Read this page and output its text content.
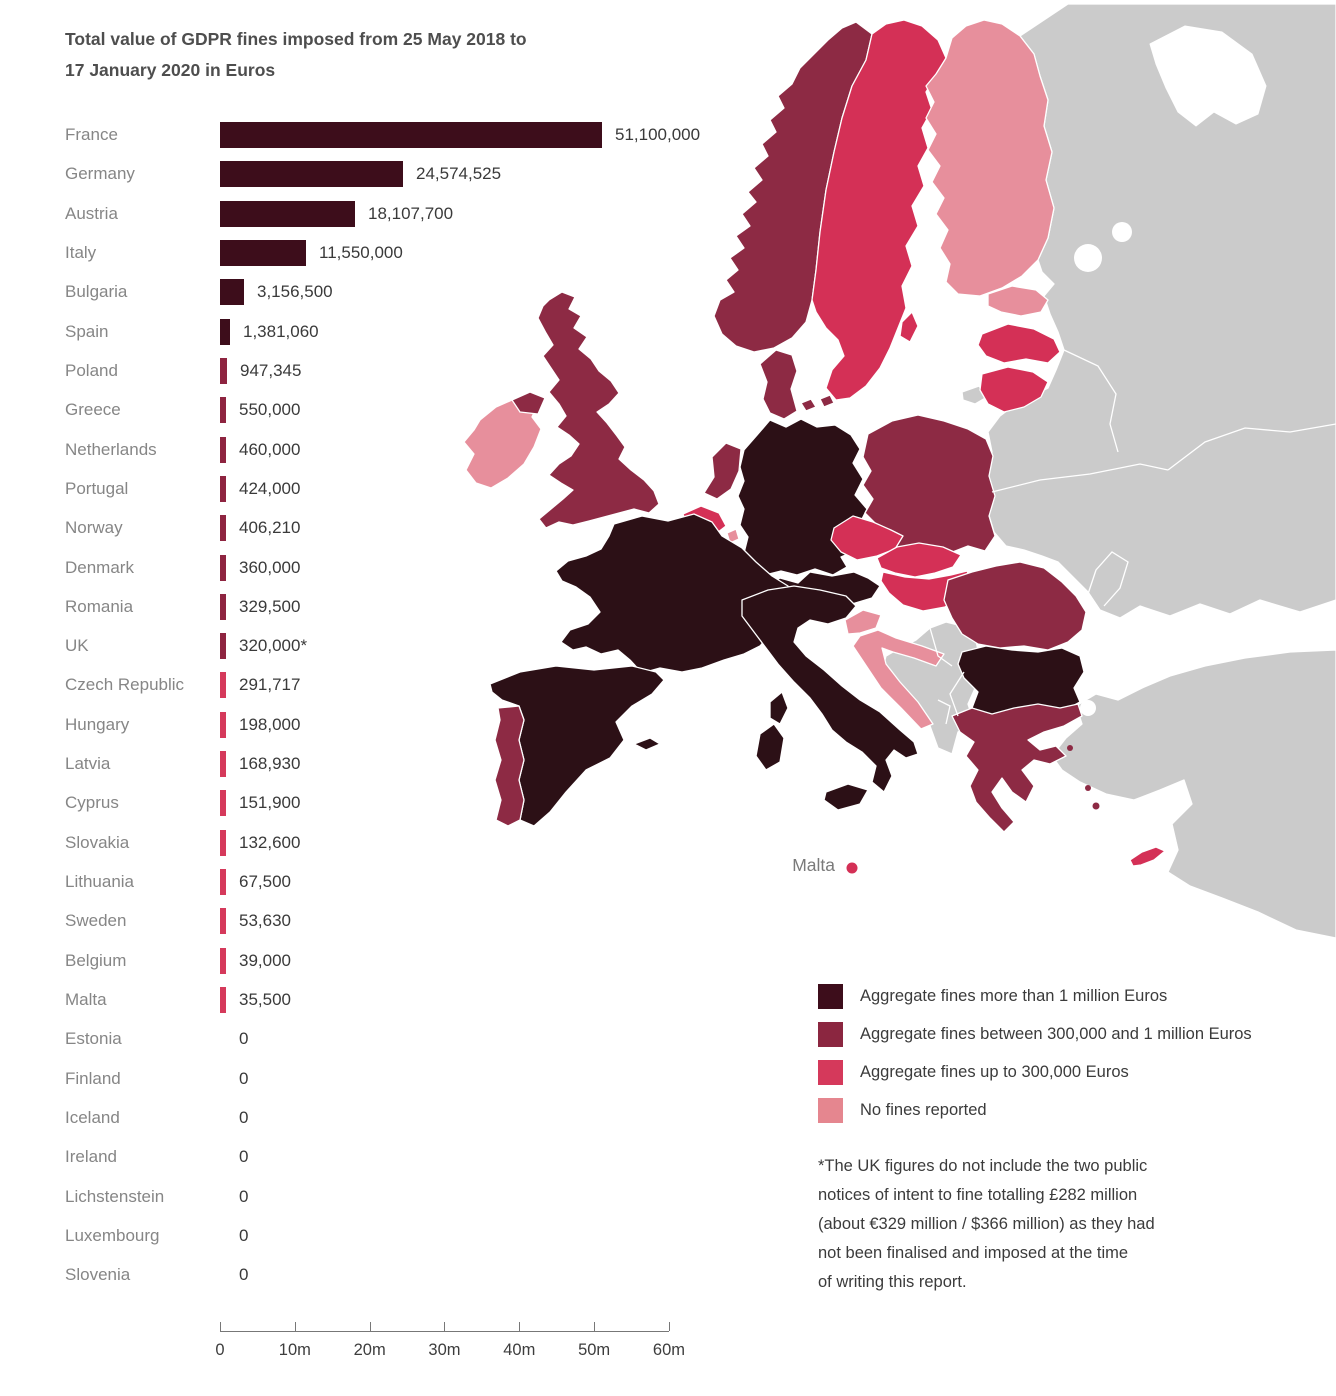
Total value of GDPR fines imposed from 25 May 2018 to
17 January 2020 in Euros
France	51,100,000
Germany	24,574,525
Austria	18,107,700
Italy	11,550,000
Bulgaria	3,156,500
Spain	1,381,060
Poland	947,345
Greece	550,000
Netherlands	460,000
Portugal	424,000
Norway	406,210
Denmark	360,000
Romania	329,500
UK	320,000*
Czech Republic	291,717
Hungary	198,000
Latvia	168,930
Cyprus	151,900
Slovakia	132,600
Lithuania	67,500
Sweden	53,630
Belgium	39,000
Malta	35,500
Estonia	0
Finland	0
Iceland	0
Ireland	0
Lichstenstein	0
Luxembourg	0
Slovenia	0
0	10m	20m	30m	40m	50m	60m
Malta
Aggregate fines more than 1 million Euros
Aggregate fines between 300,000 and 1 million Euros
Aggregate fines up to 300,000 Euros
No fines reported
*The UK figures do not include the two public
notices of intent to fine totalling £282 million
(about €329 million / $366 million) as they had
not been finalised and imposed at the time
of writing this report.
